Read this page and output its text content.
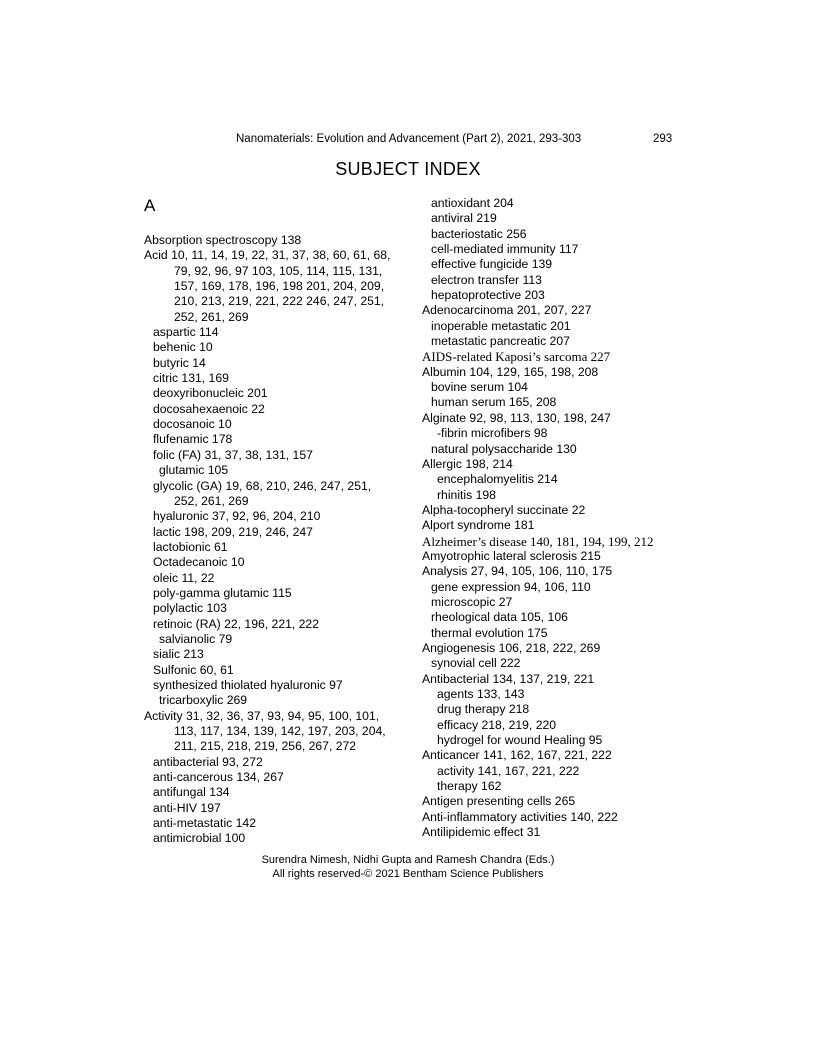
Nanomaterials: Evolution and Advancement (Part 2), 2021, 293-303	293
SUBJECT INDEX
A
Absorption spectroscopy 138
Acid 10, 11, 14, 19, 22, 31, 37, 38, 60, 61, 68,
79, 92, 96, 97 103, 105, 114, 115, 131,
157, 169, 178, 196, 198 201, 204, 209,
210, 213, 219, 221, 222 246, 247, 251,
252, 261, 269
aspartic 114
behenic 10
butyric 14
citric 131, 169
deoxyribonucleic 201
docosahexaenoic 22
docosanoic 10
flufenamic 178
folic (FA) 31, 37, 38, 131, 157
glutamic 105
glycolic (GA) 19, 68, 210, 246, 247, 251,
252, 261, 269
hyaluronic 37, 92, 96, 204, 210
lactic 198, 209, 219, 246, 247
lactobionic 61
Octadecanoic 10
oleic 11, 22
poly-gamma glutamic 115
polylactic 103
retinoic (RA) 22, 196, 221, 222
salvianolic 79
sialic 213
Sulfonic 60, 61
synthesized thiolated hyaluronic 97
tricarboxylic 269
Activity 31, 32, 36, 37, 93, 94, 95, 100, 101,
113, 117, 134, 139, 142, 197, 203, 204,
211, 215, 218, 219, 256, 267, 272
antibacterial 93, 272
anti-cancerous 134, 267
antifungal 134
anti-HIV 197
anti-metastatic 142
antimicrobial 100
antioxidant 204
antiviral 219
bacteriostatic 256
cell-mediated immunity 117
effective fungicide 139
electron transfer 113
hepatoprotective 203
Adenocarcinoma 201, 207, 227
inoperable metastatic 201
metastatic pancreatic 207
AIDS-related Kaposi’s sarcoma 227
Albumin 104, 129, 165, 198, 208
bovine serum 104
human serum 165, 208
Alginate 92, 98, 113, 130, 198, 247
-fibrin microfibers 98
natural polysaccharide 130
Allergic 198, 214
encephalomyelitis 214
rhinitis 198
Alpha-tocopheryl succinate 22
Alport syndrome 181
Alzheimer’s disease 140, 181, 194, 199, 212
Amyotrophic lateral sclerosis 215
Analysis 27, 94, 105, 106, 110, 175
gene expression 94, 106, 110
microscopic 27
rheological data 105, 106
thermal evolution 175
Angiogenesis 106, 218, 222, 269
synovial cell 222
Antibacterial 134, 137, 219, 221
agents 133, 143
drug therapy 218
efficacy 218, 219, 220
hydrogel for wound Healing 95
Anticancer 141, 162, 167, 221, 222
activity 141, 167, 221, 222
therapy 162
Antigen presenting cells 265
Anti-inflammatory activities 140, 222
Antilipidemic effect 31
Surendra Nimesh, Nidhi Gupta and Ramesh Chandra (Eds.)
All rights reserved-© 2021 Bentham Science Publishers
